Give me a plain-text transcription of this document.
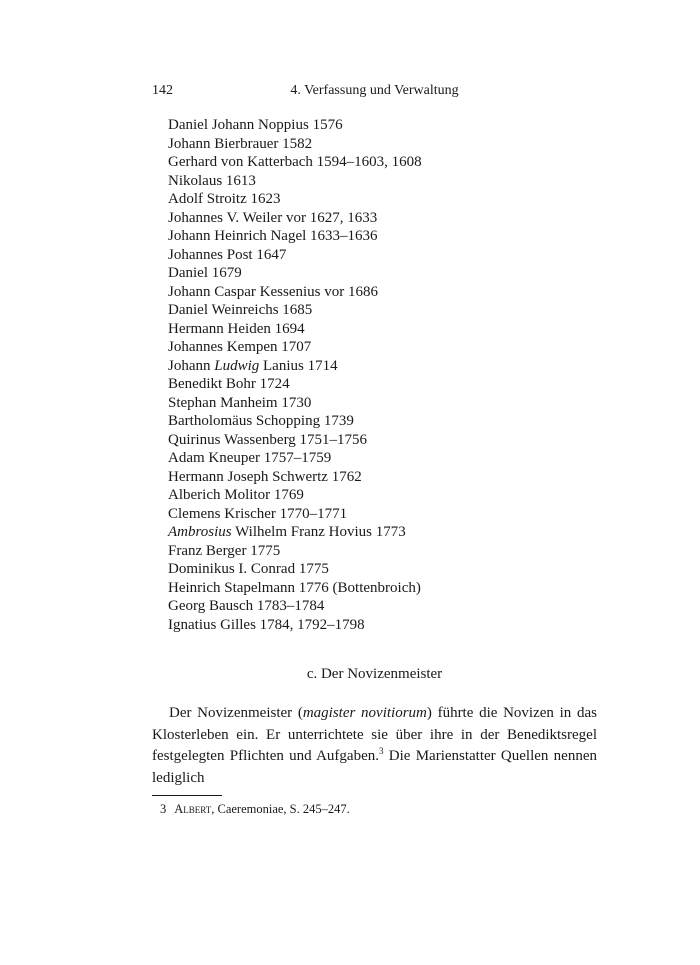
142	4. Verfassung und Verwaltung
Daniel Johann Noppius 1576
Johann Bierbrauer 1582
Gerhard von Katterbach 1594–1603, 1608
Nikolaus 1613
Adolf Stroitz 1623
Johannes V. Weiler vor 1627, 1633
Johann Heinrich Nagel 1633–1636
Johannes Post 1647
Daniel 1679
Johann Caspar Kessenius vor 1686
Daniel Weinreichs 1685
Hermann Heiden 1694
Johannes Kempen 1707
Johann Ludwig Lanius 1714
Benedikt Bohr 1724
Stephan Manheim 1730
Bartholomäus Schopping 1739
Quirinus Wassenberg 1751–1756
Adam Kneuper 1757–1759
Hermann Joseph Schwertz 1762
Alberich Molitor 1769
Clemens Krischer 1770–1771
Ambrosius Wilhelm Franz Hovius 1773
Franz Berger 1775
Dominikus I. Conrad 1775
Heinrich Stapelmann 1776 (Bottenbroich)
Georg Bausch 1783–1784
Ignatius Gilles 1784, 1792–1798
c. Der Novizenmeister

Der Novizenmeister (magister novitiorum) führte die Novizen in das Klosterleben ein. Er unterrichtete sie über ihre in der Benediktsregel festgelegten Pflichten und Aufgaben.$^3$ Die Marienstatter Quellen nennen lediglich

3 Albert, Caeremoniae, S. 245–247.
